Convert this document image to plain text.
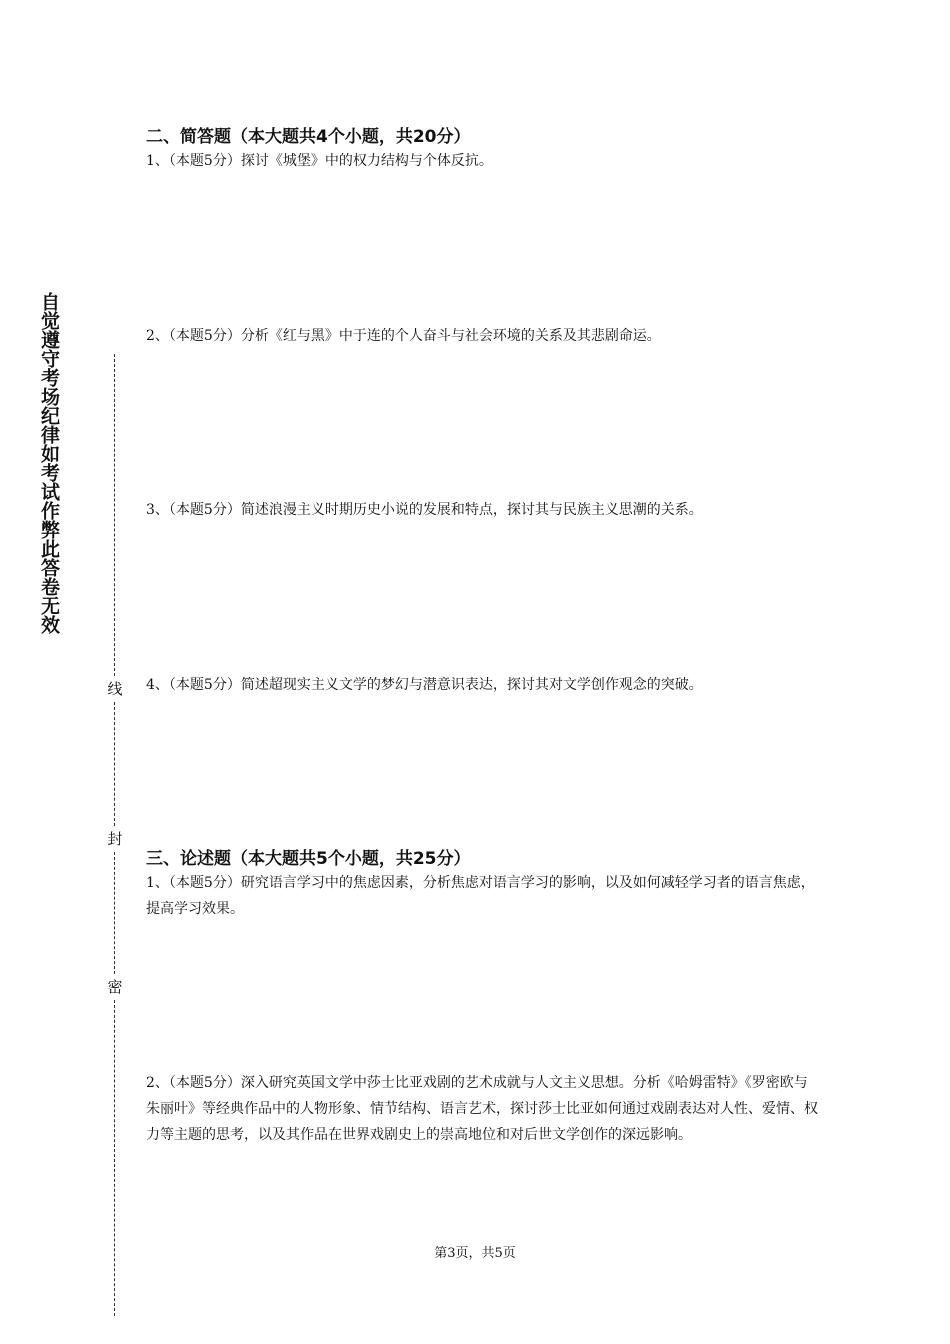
自觉遵守考场纪律如考试作弊此答卷无效
线
封
密
二、简答题（本大题共4个小题，共20分）
1、（本题5分）探讨《城堡》中的权力结构与个体反抗。
2、（本题5分）分析《红与黑》中于连的个人奋斗与社会环境的关系及其悲剧命运。
3、（本题5分）简述浪漫主义时期历史小说的发展和特点，探讨其与民族主义思潮的关系。
4、（本题5分）简述超现实主义文学的梦幻与潜意识表达，探讨其对文学创作观念的突破。
三、论述题（本大题共5个小题，共25分）
1、（本题5分）研究语言学习中的焦虑因素，分析焦虑对语言学习的影响，以及如何减轻学习者的语言焦虑，提高学习效果。
2、（本题5分）深入研究英国文学中莎士比亚戏剧的艺术成就与人文主义思想。分析《哈姆雷特》《罗密欧与朱丽叶》等经典作品中的人物形象、情节结构、语言艺术，探讨莎士比亚如何通过戏剧表达对人性、爱情、权力等主题的思考，以及其作品在世界戏剧史上的崇高地位和对后世文学创作的深远影响。
第3页，共5页
